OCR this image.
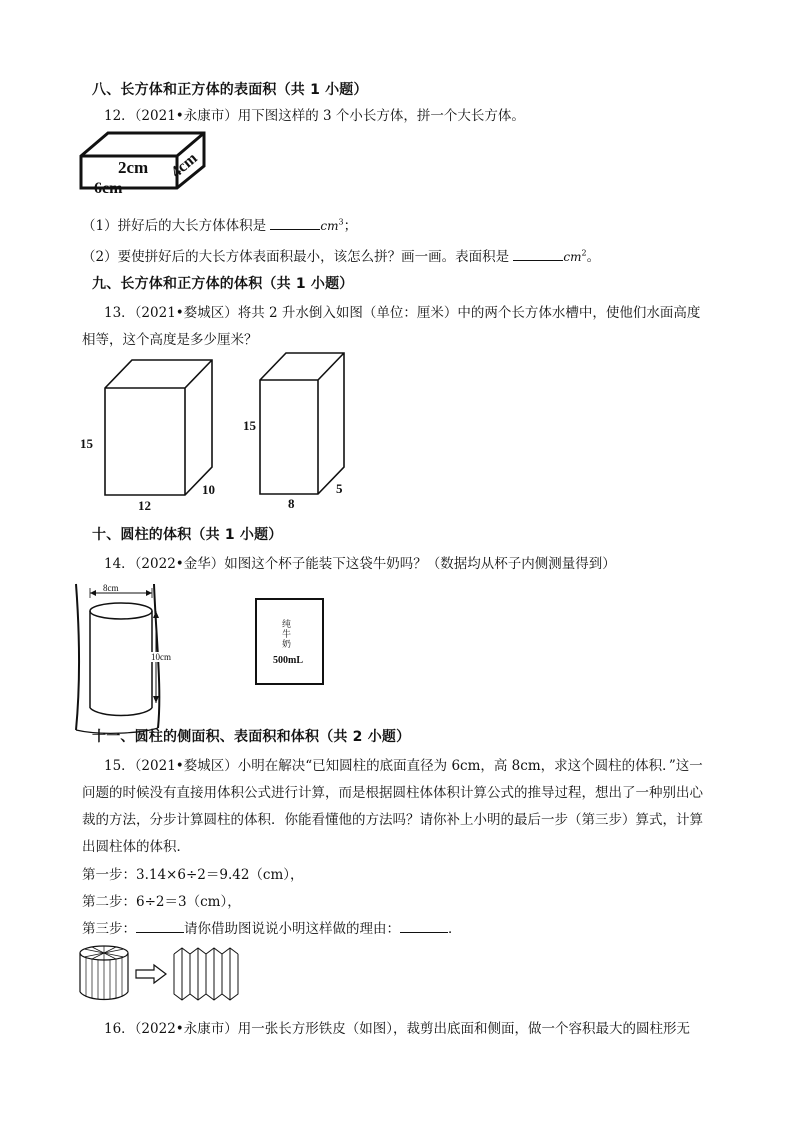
八、长方体和正方体的表面积（共 1 小题）
12．（2021•永康市）用下图这样的 3 个小长方体，拼一个大长方体。
2cm 4cm
6cm
（1）拼好后的大长方体体积是	$cm^3$；
（2）要使拼好后的大长方体表面积最小，该怎么拼？画一画。表面积是	$cm^2$。
九、长方体和正方体的体积（共 1 小题）
13．（2021•婺城区）将共 2 升水倒入如图（单位：厘米）中的两个长方体水槽中，使他们水面高度
相等，这个高度是多少厘米？
15
12
10
15
8
5
十、圆柱的体积（共 1 小题）
14．（2022•金华）如图这个杯子能装下这袋牛奶吗？（数据均从杯子内侧测量得到）
8cm
10cm
纯
牛
奶
500mL
十一、圆柱的侧面积、表面积和体积（共 2 小题）
15．（2021•婺城区）小明在解决“已知圆柱的底面直径为 6cm，高 8cm，求这个圆柱的体积．”这一
问题的时候没有直接用体积公式进行计算，而是根据圆柱体体积计算公式的推导过程，想出了一种别出心
裁的方法，分步计算圆柱的体积．你能看懂他的方法吗？请你补上小明的最后一步（第三步）算式，计算
出圆柱体的体积．
第一步：3.14×6÷2＝9.42（cm），
第二步：6÷2＝3（cm），
第三步：	请你借助图说说小明这样做的理由：	．
16．（2022•永康市）用一张长方形铁皮（如图），裁剪出底面和侧面，做一个容积最大的圆柱形无
